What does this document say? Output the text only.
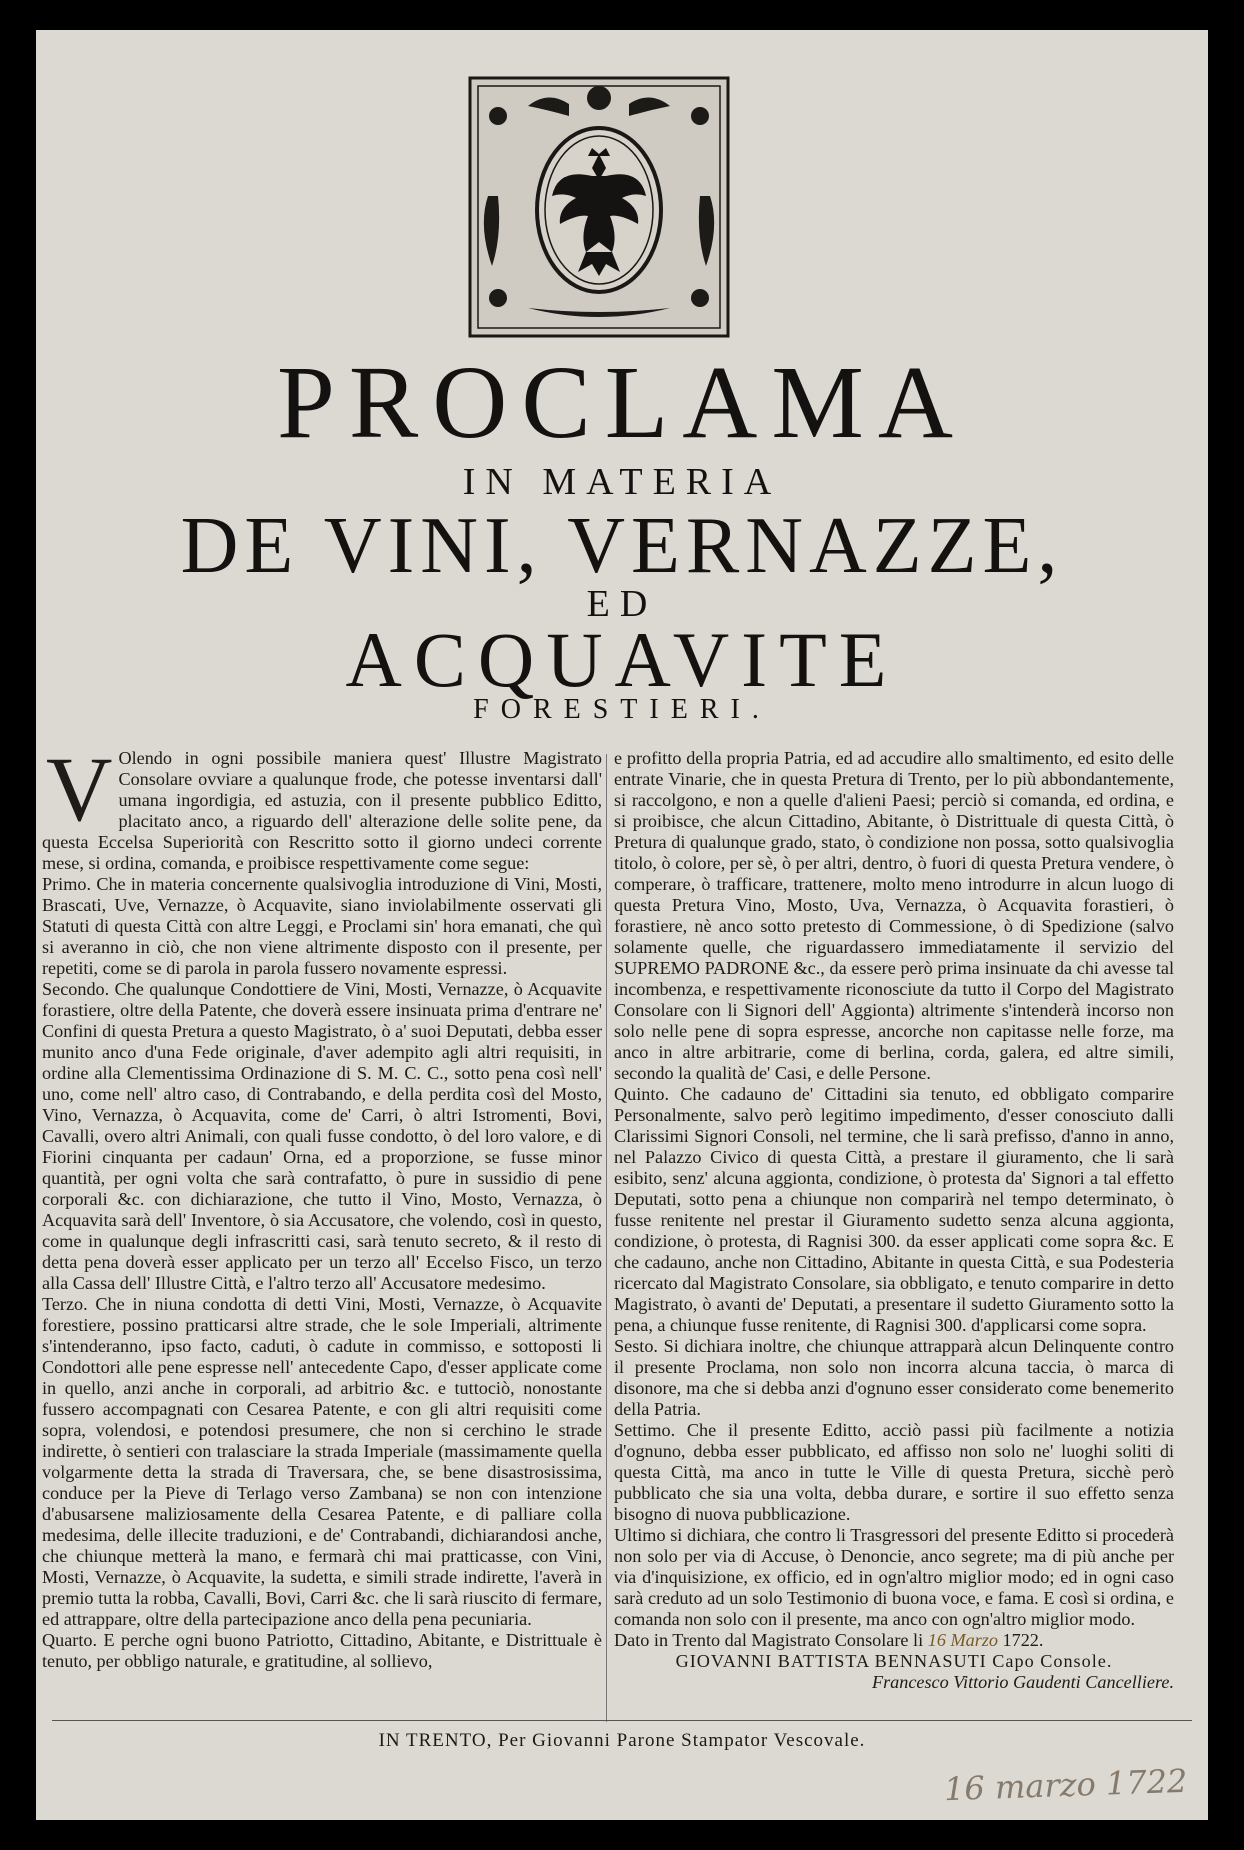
PROCLAMA
IN MATERIA
DE VINI, VERNAZZE,
ED
ACQUAVITE
FORESTIERI.

V Olendo in ogni possibile maniera quest' Illustre Magistrato Consolare ovviare a qualunque frode, che potesse inventarsi dall' umana ingordigia, ed astuzia, con il presente pubblico Editto, placitato anco, a riguardo dell' alterazione delle solite pene, da questa Eccelsa Superiorità con Rescritto sotto il giorno undeci corrente mese, si ordina, comanda, e proibisce respettivamente come segue:

Primo. Che in materia concernente qualsivoglia introduzione di Vini, Mosti, Brascati, Uve, Vernazze, ò Acquavite, siano inviolabilmente osservati gli Statuti di questa Città con altre Leggi, e Proclami sin' hora emanati, che quì si averanno in ciò, che non viene altrimente disposto con il presente, per repetiti, come se di parola in parola fussero novamente espressi.

Secondo. Che qualunque Condottiere de Vini, Mosti, Vernazze, ò Acquavite forastiere, oltre della Patente, che doverà essere insinuata prima d'entrare ne' Confini di questa Pretura a questo Magistrato, ò a' suoi Deputati, debba esser munito anco d'una Fede originale, d'aver adempito agli altri requisiti, in ordine alla Clementissima Ordinazione di S. M. C. C., sotto pena così nell' uno, come nell' altro caso, di Contrabando, e della perdita così del Mosto, Vino, Vernazza, ò Acquavita, come de' Carri, ò altri Istromenti, Bovi, Cavalli, overo altri Animali, con quali fusse condotto, ò del loro valore, e di Fiorini cinquanta per cadaun' Orna, ed a proporzione, se fusse minor quantità, per ogni volta che sarà contrafatto, ò pure in sussidio di pene corporali &c. con dichiarazione, che tutto il Vino, Mosto, Vernazza, ò Acquavita sarà dell' Inventore, ò sia Accusatore, che volendo, così in questo, come in qualunque degli infrascritti casi, sarà tenuto secreto, & il resto di detta pena doverà esser applicato per un terzo all' Eccelso Fisco, un terzo alla Cassa dell' Illustre Città, e l'altro terzo all' Accusatore medesimo.

Terzo. Che in niuna condotta di detti Vini, Mosti, Vernazze, ò Acquavite forestiere, possino pratticarsi altre strade, che le sole Imperiali, altrimente s'intenderanno, ipso facto, caduti, ò cadute in commisso, e sottoposti li Condottori alle pene espresse nell' antecedente Capo, d'esser applicate come in quello, anzi anche in corporali, ad arbitrio &c. e tuttociò, nonostante fussero accompagnati con Cesarea Patente, e con gli altri requisiti come sopra, volendosi, e potendosi presumere, che non si cerchino le strade indirette, ò sentieri con tralasciare la strada Imperiale (massimamente quella volgarmente detta la strada di Traversara, che, se bene disastrosissima, conduce per la Pieve di Terlago verso Zambana) se non con intenzione d'abusarsene maliziosamente della Cesarea Patente, e di palliare colla medesima, delle illecite traduzioni, e de' Contrabandi, dichiarandosi anche, che chiunque metterà la mano, e fermarà chi mai pratticasse, con Vini, Mosti, Vernazze, ò Acquavite, la sudetta, e simili strade indirette, l'averà in premio tutta la robba, Cavalli, Bovi, Carri &c. che li sarà riuscito di fermare, ed attrappare, oltre della partecipazione anco della pena pecuniaria.

Quarto. E perche ogni buono Patriotto, Cittadino, Abitante, e Distrittuale è tenuto, per obbligo naturale, e gratitudine, al sollievo,

e profitto della propria Patria, ed ad accudire allo smaltimento, ed esito delle entrate Vinarie, che in questa Pretura di Trento, per lo più abbondantemente, si raccolgono, e non a quelle d'alieni Paesi; perciò si comanda, ed ordina, e si proibisce, che alcun Cittadino, Abitante, ò Distrittuale di questa Città, ò Pretura di qualunque grado, stato, ò condizione non possa, sotto qualsivoglia titolo, ò colore, per sè, ò per altri, dentro, ò fuori di questa Pretura vendere, ò comperare, ò trafficare, trattenere, molto meno introdurre in alcun luogo di questa Pretura Vino, Mosto, Uva, Vernazza, ò Acquavita forastieri, ò forastiere, nè anco sotto pretesto di Commessione, ò di Spedizione (salvo solamente quelle, che riguardassero immediatamente il servizio del SUPREMO PADRONE &c., da essere però prima insinuate da chi avesse tal incombenza, e respettivamente riconosciute da tutto il Corpo del Magistrato Consolare con li Signori dell' Aggionta) altrimente s'intenderà incorso non solo nelle pene di sopra espresse, ancorche non capitasse nelle forze, ma anco in altre arbitrarie, come di berlina, corda, galera, ed altre simili, secondo la qualità de' Casi, e delle Persone.

Quinto. Che cadauno de' Cittadini sia tenuto, ed obbligato comparire Personalmente, salvo però legitimo impedimento, d'esser conosciuto dalli Clarissimi Signori Consoli, nel termine, che li sarà prefisso, d'anno in anno, nel Palazzo Civico di questa Città, a prestare il giuramento, che li sarà esibito, senz' alcuna aggionta, condizione, ò protesta da' Signori a tal effetto Deputati, sotto pena a chiunque non comparirà nel tempo determinato, ò fusse renitente nel prestar il Giuramento sudetto senza alcuna aggionta, condizione, ò protesta, di Ragnisi 300. da esser applicati come sopra &c. E che cadauno, anche non Cittadino, Abitante in questa Città, e sua Podesteria ricercato dal Magistrato Consolare, sia obbligato, e tenuto comparire in detto Magistrato, ò avanti de' Deputati, a presentare il sudetto Giuramento sotto la pena, a chiunque fusse renitente, di Ragnisi 300. d'applicarsi come sopra.

Sesto. Si dichiara inoltre, che chiunque attrapparà alcun Delinquente contro il presente Proclama, non solo non incorra alcuna taccia, ò marca di disonore, ma che si debba anzi d'ognuno esser considerato come benemerito della Patria.

Settimo. Che il presente Editto, acciò passi più facilmente a notizia d'ognuno, debba esser pubblicato, ed affisso non solo ne' luoghi soliti di questa Città, ma anco in tutte le Ville di questa Pretura, sicchè però pubblicato che sia una volta, debba durare, e sortire il suo effetto senza bisogno di nuova pubblicazione.

Ultimo si dichiara, che contro li Trasgressori del presente Editto si procederà non solo per via di Accuse, ò Denoncie, anco segrete; ma di più anche per via d'inquisizione, ex officio, ed in ogn'altro miglior modo; ed in ogni caso sarà creduto ad un solo Testimonio di buona voce, e fama. E così si ordina, e comanda non solo con il presente, ma anco con ogn'altro miglior modo.

Dato in Trento dal Magistrato Consolare li 16 Marzo 1722.

GIOVANNI BATTISTA BENNASUTI Capo Console.

Francesco Vittorio Gaudenti Cancelliere.

IN TRENTO, Per Giovanni Parone Stampator Vescovale.
16 marzo 1722
